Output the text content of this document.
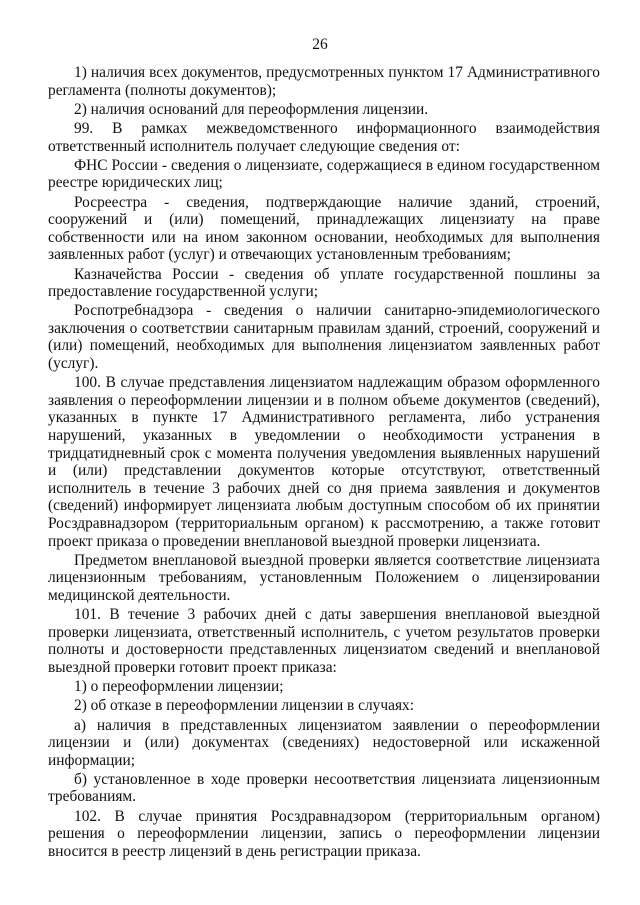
26

1) наличия всех документов, предусмотренных пунктом 17 Административного регламента (полноты документов);

2) наличия оснований для переоформления лицензии.

99. В рамках межведомственного информационного взаимодействия ответственный исполнитель получает следующие сведения от:

ФНС России - сведения о лицензиате, содержащиеся в едином государственном реестре юридических лиц;

Росреестра - сведения, подтверждающие наличие зданий, строений, сооружений и (или) помещений, принадлежащих лицензиату на праве собственности или на ином законном основании, необходимых для выполнения заявленных работ (услуг) и отвечающих установленным требованиям;

Казначейства России - сведения об уплате государственной пошлины за предоставление государственной услуги;

Роспотребнадзора - сведения о наличии санитарно-эпидемиологического заключения о соответствии санитарным правилам зданий, строений, сооружений и (или) помещений, необходимых для выполнения лицензиатом заявленных работ (услуг).

100. В случае представления лицензиатом надлежащим образом оформленного заявления о переоформлении лицензии и в полном объеме документов (сведений), указанных в пункте 17 Административного регламента, либо устранения нарушений, указанных в уведомлении о необходимости устранения в тридцатидневный срок с момента получения уведомления выявленных нарушений и (или) представлении документов которые отсутствуют, ответственный исполнитель в течение 3 рабочих дней со дня приема заявления и документов (сведений) информирует лицензиата любым доступным способом об их принятии Росздравнадзором (территориальным органом) к рассмотрению, а также готовит проект приказа о проведении внеплановой выездной проверки лицензиата.

Предметом внеплановой выездной проверки является соответствие лицензиата лицензионным требованиям, установленным Положением о лицензировании медицинской деятельности.

101. В течение 3 рабочих дней с даты завершения внеплановой выездной проверки лицензиата, ответственный исполнитель, с учетом результатов проверки полноты и достоверности представленных лицензиатом сведений и внеплановой выездной проверки готовит проект приказа:

1) о переоформлении лицензии;

2) об отказе в переоформлении лицензии в случаях:

а) наличия в представленных лицензиатом заявлении о переоформлении лицензии и (или) документах (сведениях) недостоверной или искаженной информации;

б) установленное в ходе проверки несоответствия лицензиата лицензионным требованиям.

102. В случае принятия Росздравнадзором (территориальным органом) решения о переоформлении лицензии, запись о переоформлении лицензии вносится в реестр лицензий в день регистрации приказа.
